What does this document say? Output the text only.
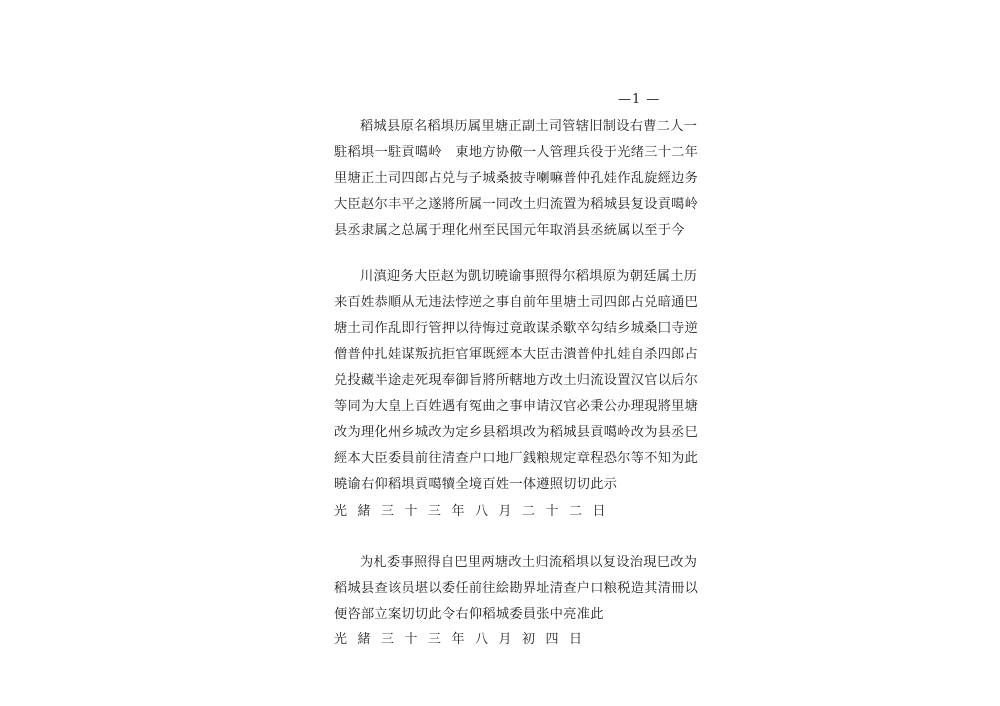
—1 —
稻城县原名稻埧历属里塘正副土司管辖旧制设右曹二人一
駐稻埧一駐貢噶岭　東地方协儆一人管理兵役于光绪三十二年
里塘正土司四郎占兑与子城桑披寺喇嘛普仲孔娃作乱旋經边务
大臣赵尔丰平之遂將所属一同改土归流置为稻城县复设貢噶岭
县丞隶属之总属于理化州至民国元年取消县丞統属以至于今
川滇迎务大臣赵为凱切曉谕事照得尔稻埧原为朝廷属土历
来百姓恭順从无违法悖逆之事自前年里塘土司四郎占兑暗通巴
塘土司作乱即行管押以待悔过竟敢谋杀歜卒勾结乡城桑囗寺逆
僧普仲扎娃谋叛抗拒官軍既經本大臣击潰普仲扎娃自杀四郎占
兑投藏半途走死現奉御旨將所轄地方改土归流设置汉官以后尔
等同为大皇上百姓遇有冤曲之事申请汉官必秉公办理現將里塘
改为理化州乡城改为定乡县稻埧改为稻城县貢噶岭改为县丞巳
經本大臣委員前往清查户口地厂銭粮规定章程恐尔等不知为此
曉谕右仰稻埧貢噶犢全境百姓一体遵照切切此示
光 緒 三 十 三 年 八 月 二 十 二 日
为札委事照得自巴里两塘改土归流稻埧以复设治現巳改为
稻城县查该员堪以委任前往絵勘界址清查户口粮税造其清冊以
便咨部立案切切此令右仰稻城委員张中亮准此
光 緒 三 十 三 年 八 月 初 四 日
